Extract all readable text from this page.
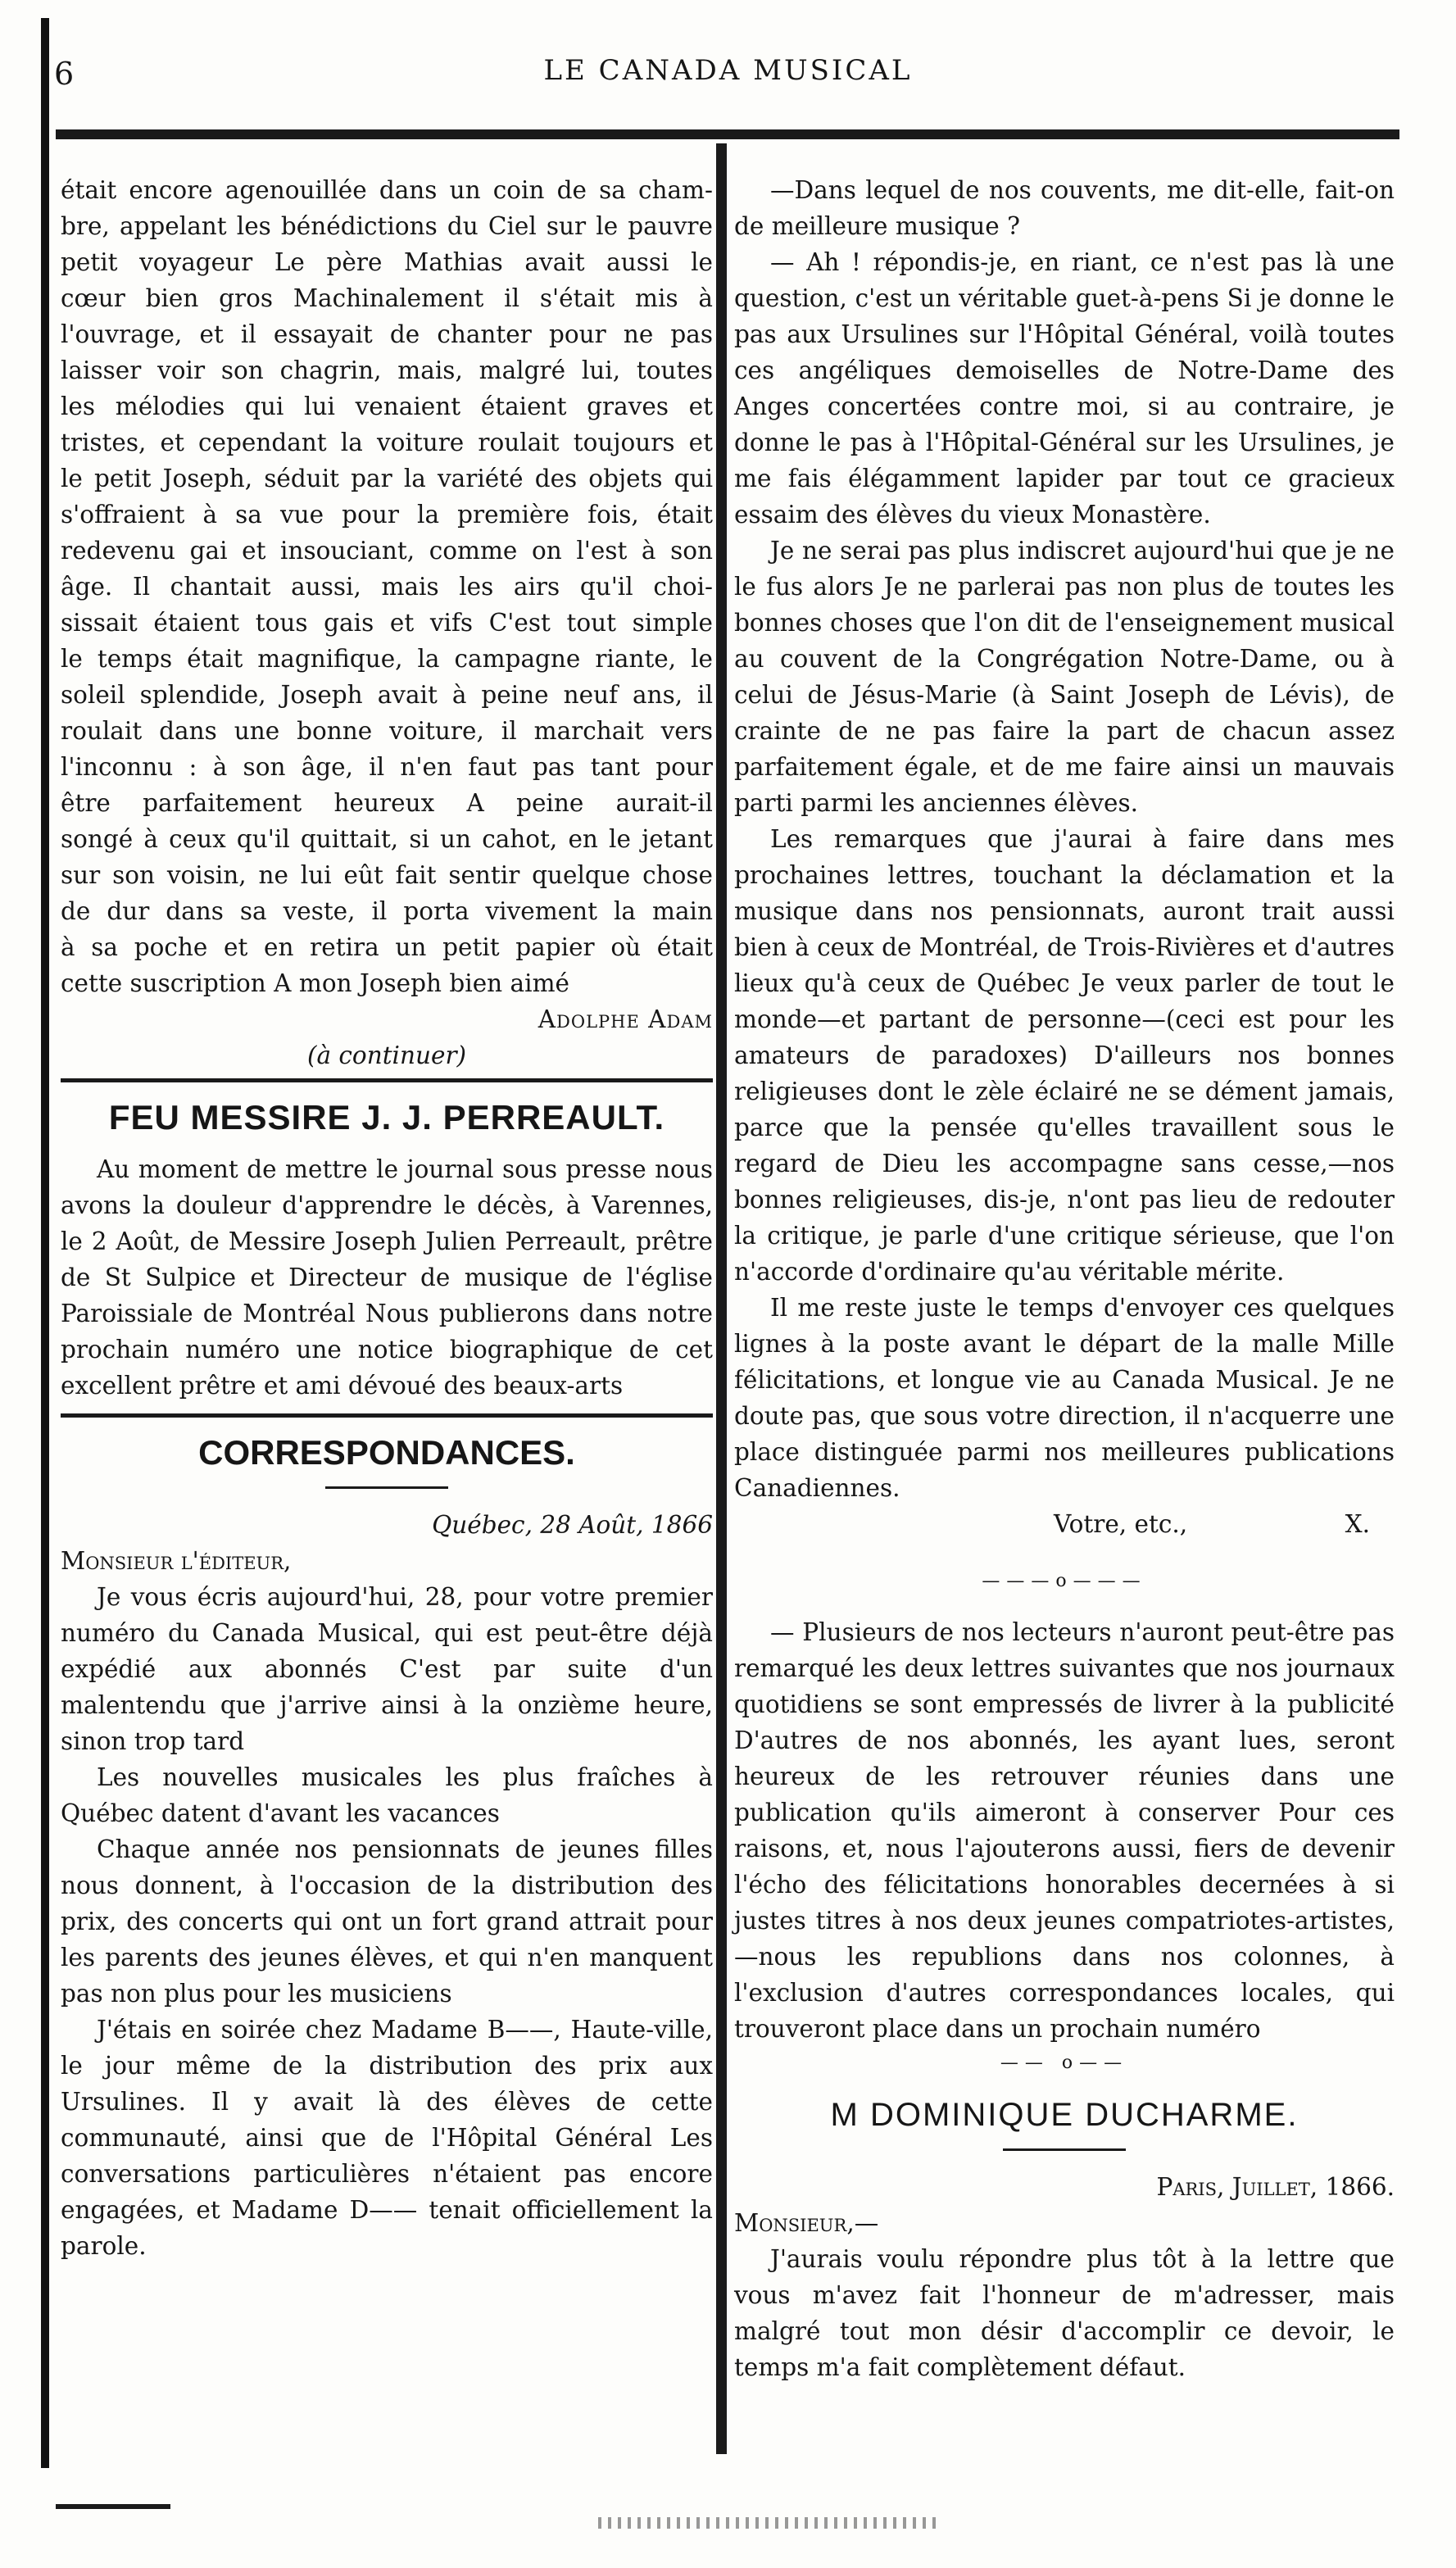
6	LE CANADA MUSICAL
était encore agenouillée dans un coin de sa cham-
bre, appelant les bénédictions du Ciel sur le pauvre
petit voyageur Le père Mathias avait aussi le
cœur bien gros Machinalement il s'était mis à
l'ouvrage, et il essayait de chanter pour ne pas
laisser voir son chagrin, mais, malgré lui, toutes
les mélodies qui lui venaient étaient graves et
tristes, et cependant la voiture roulait toujours et
le petit Joseph, séduit par la variété des objets qui
s'offraient à sa vue pour la première fois, était
redevenu gai et insouciant, comme on l'est à son
âge. Il chantait aussi, mais les airs qu'il choi-
sissait étaient tous gais et vifs C'est tout simple
le temps était magnifique, la campagne riante, le
soleil splendide, Joseph avait à peine neuf ans, il
roulait dans une bonne voiture, il marchait vers
l'inconnu : à son âge, il n'en faut pas tant pour
être parfaitement heureux A peine aurait-il
songé à ceux qu'il quittait, si un cahot, en le jetant
sur son voisin, ne lui eût fait sentir quelque chose
de dur dans sa veste, il porta vivement la main
à sa poche et en retira un petit papier où était
cette suscription A mon Joseph bien aimé

Adolphe Adam

(à continuer)

FEU MESSIRE J. J. PERREAULT.

Au moment de mettre le journal sous presse nous avons la douleur d'apprendre le décès, à Varennes, le 2 Août, de Messire Joseph Julien Perreault, prêtre de St Sulpice et Directeur de musique de l'église Paroissiale de Montréal Nous publierons dans notre prochain numéro une notice biographique de cet excellent prêtre et ami dévoué des beaux-arts

CORRESPONDANCES.

Québec, 28 Août, 1866

Monsieur l'éditeur,

Je vous écris aujourd'hui, 28, pour votre premier numéro du Canada Musical, qui est peut-être déjà expédié aux abonnés C'est par suite d'un malentendu que j'arrive ainsi à la onzième heure, sinon trop tard

Les nouvelles musicales les plus fraîches à Québec datent d'avant les vacances

Chaque année nos pensionnats de jeunes filles nous donnent, à l'occasion de la distribution des prix, des concerts qui ont un fort grand attrait pour les parents des jeunes élèves, et qui n'en manquent pas non plus pour les musiciens

J'étais en soirée chez Madame B——, Haute-ville, le jour même de la distribution des prix aux Ursulines. Il y avait là des élèves de cette communauté, ainsi que de l'Hôpital Général Les conversations particulières n'étaient pas encore engagées, et Madame D—— tenait officiellement la parole.

—Dans lequel de nos couvents, me dit-elle, fait-on de meilleure musique ?

— Ah ! répondis-je, en riant, ce n'est pas là une question, c'est un véritable guet-à-pens Si je donne le pas aux Ursulines sur l'Hôpital Général, voilà toutes ces angéliques demoiselles de Notre-Dame des Anges concertées contre moi, si au contraire, je donne le pas à l'Hôpital-Général sur les Ursulines, je me fais élégamment lapider par tout ce gracieux essaim des élèves du vieux Monastère.

Je ne serai pas plus indiscret aujourd'hui que je ne le fus alors Je ne parlerai pas non plus de toutes les bonnes choses que l'on dit de l'enseignement musical au couvent de la Congrégation Notre-Dame, ou à celui de Jésus-Marie (à Saint Joseph de Lévis), de crainte de ne pas faire la part de chacun assez parfaitement égale, et de me faire ainsi un mauvais parti parmi les anciennes élèves.

Les remarques que j'aurai à faire dans mes prochaines lettres, touchant la déclamation et la musique dans nos pensionnats, auront trait aussi bien à ceux de Montréal, de Trois-Rivières et d'autres lieux qu'à ceux de Québec Je veux parler de tout le monde—et partant de personne—(ceci est pour les amateurs de paradoxes) D'ailleurs nos bonnes religieuses dont le zèle éclairé ne se dément jamais, parce que la pensée qu'elles travaillent sous le regard de Dieu les accompagne sans cesse,—nos bonnes religieuses, dis-je, n'ont pas lieu de redouter la critique, je parle d'une critique sérieuse, que l'on n'accorde d'ordinaire qu'au véritable mérite.

Il me reste juste le temps d'envoyer ces quelques lignes à la poste avant le départ de la malle Mille félicitations, et longue vie au Canada Musical. Je ne doute pas, que sous votre direction, il n'acquerre une place distinguée parmi nos meilleures publications Canadiennes.

Votre, etc.,	X.
———o———

— Plusieurs de nos lecteurs n'auront peut-être pas remarqué les deux lettres suivantes que nos journaux quotidiens se sont empressés de livrer à la publicité D'autres de nos abonnés, les ayant lues, seront heureux de les retrouver réunies dans une publication qu'ils aimeront à conserver Pour ces raisons, et, nous l'ajouterons aussi, fiers de devenir l'écho des félicitations honorables decernées à si justes titres à nos deux jeunes compatriotes-artistes,—nous les republions dans nos colonnes, à l'exclusion d'autres correspondances locales, qui trouveront place dans un prochain numéro

—— o——
M DOMINIQUE DUCHARME.

Paris, Juillet, 1866.

Monsieur,—

J'aurais voulu répondre plus tôt à la lettre que vous m'avez fait l'honneur de m'adresser, mais malgré tout mon désir d'accomplir ce devoir, le temps m'a fait complètement défaut.
